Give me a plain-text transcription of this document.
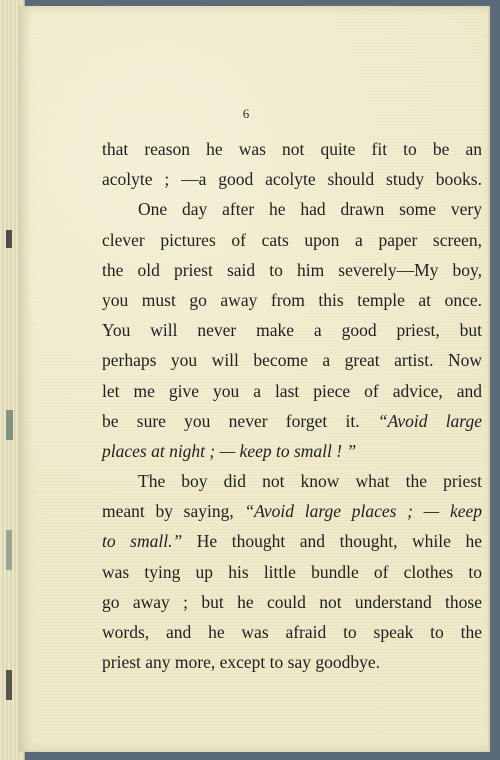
6
that reason he was not quite fit to be an
acolyte ; —a good acolyte should study books.
One day after he had drawn some very
clever pictures of cats upon a paper screen,
the old priest said to him severely—My boy,
you must go away from this temple at once.
You will never make a good priest, but
perhaps you will become a great artist. Now
let me give you a last piece of advice, and
be sure you never forget it. “Avoid large
places at night ; — keep to small ! ”
The boy did not know what the priest
meant by saying, “Avoid large places ; — keep
to small.” He thought and thought, while he
was tying up his little bundle of clothes to
go away ; but he could not understand those
words, and he was afraid to speak to the
priest any more, except to say goodbye.
